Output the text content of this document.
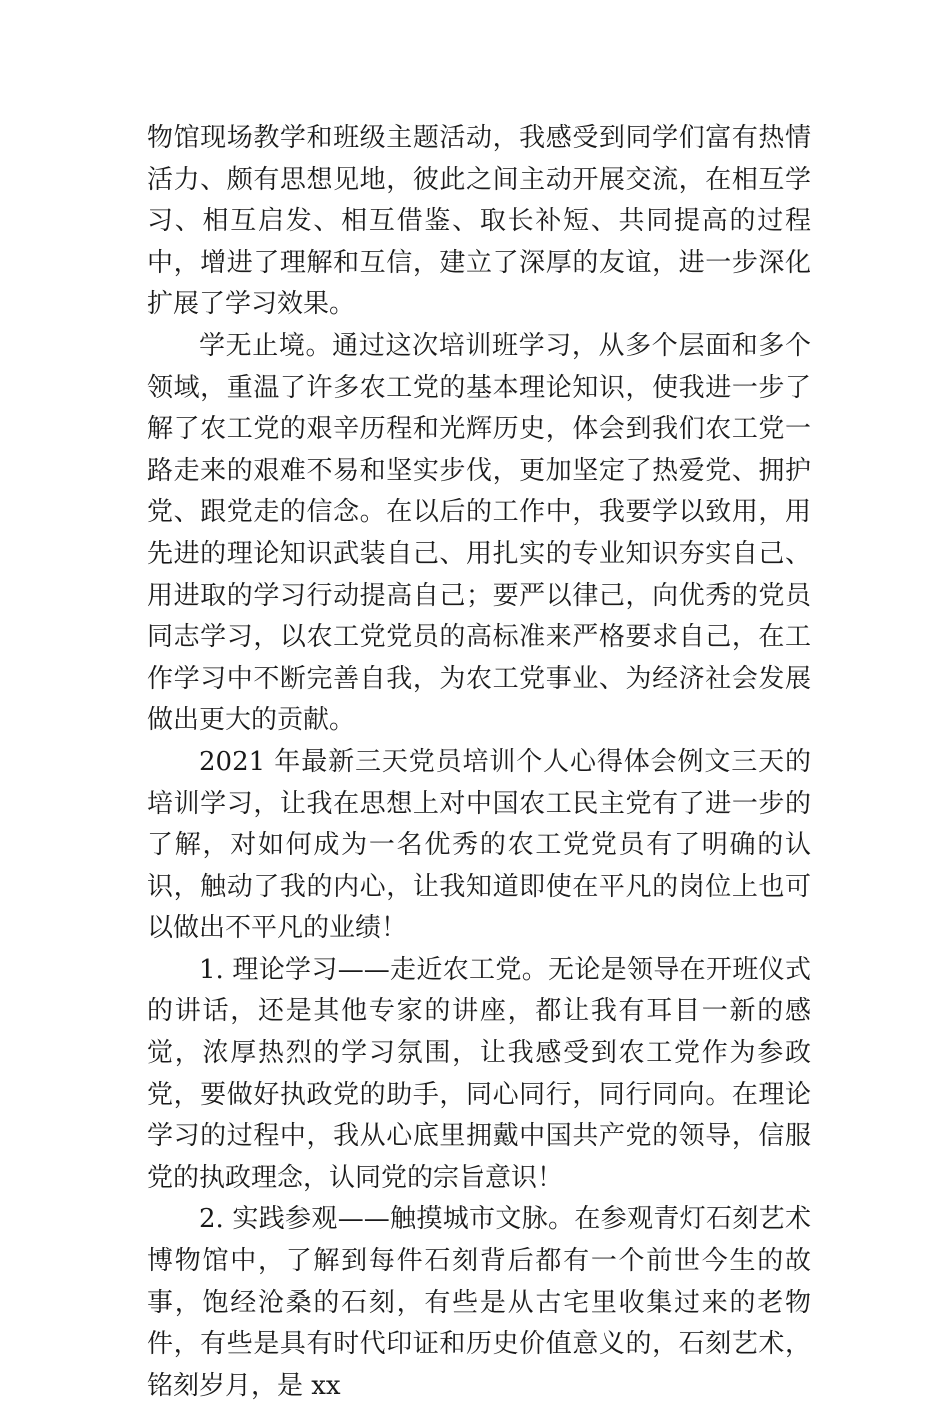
物馆现场教学和班级主题活动，我感受到同学们富有热情活力、颇有思想见地，彼此之间主动开展交流，在相互学习、相互启发、相互借鉴、取长补短、共同提高的过程中，增进了理解和互信，建立了深厚的友谊，进一步深化扩展了学习效果。

学无止境。通过这次培训班学习，从多个层面和多个领域，重温了许多农工党的基本理论知识，使我进一步了解了农工党的艰辛历程和光辉历史，体会到我们农工党一路走来的艰难不易和坚实步伐，更加坚定了热爱党、拥护党、跟党走的信念。在以后的工作中，我要学以致用，用先进的理论知识武装自己、用扎实的专业知识夯实自己、用进取的学习行动提高自己；要严以律己，向优秀的党员同志学习，以农工党党员的高标准来严格要求自己，在工作学习中不断完善自我，为农工党事业、为经济社会发展做出更大的贡献。

2021 年最新三天党员培训个人心得体会例文三天的培训学习，让我在思想上对中国农工民主党有了进一步的了解，对如何成为一名优秀的农工党党员有了明确的认识，触动了我的内心，让我知道即使在平凡的岗位上也可以做出不平凡的业绩！

1. 理论学习——走近农工党。无论是领导在开班仪式的讲话，还是其他专家的讲座，都让我有耳目一新的感觉，浓厚热烈的学习氛围，让我感受到农工党作为参政党，要做好执政党的助手，同心同行，同行同向。在理论学习的过程中，我从心底里拥戴中国共产党的领导，信服党的执政理念，认同党的宗旨意识！

2. 实践参观——触摸城市文脉。在参观青灯石刻艺术博物馆中，了解到每件石刻背后都有一个前世今生的故事，饱经沧桑的石刻，有些是从古宅里收集过来的老物件，有些是具有时代印证和历史价值意义的，石刻艺术，铭刻岁月，是 xx
